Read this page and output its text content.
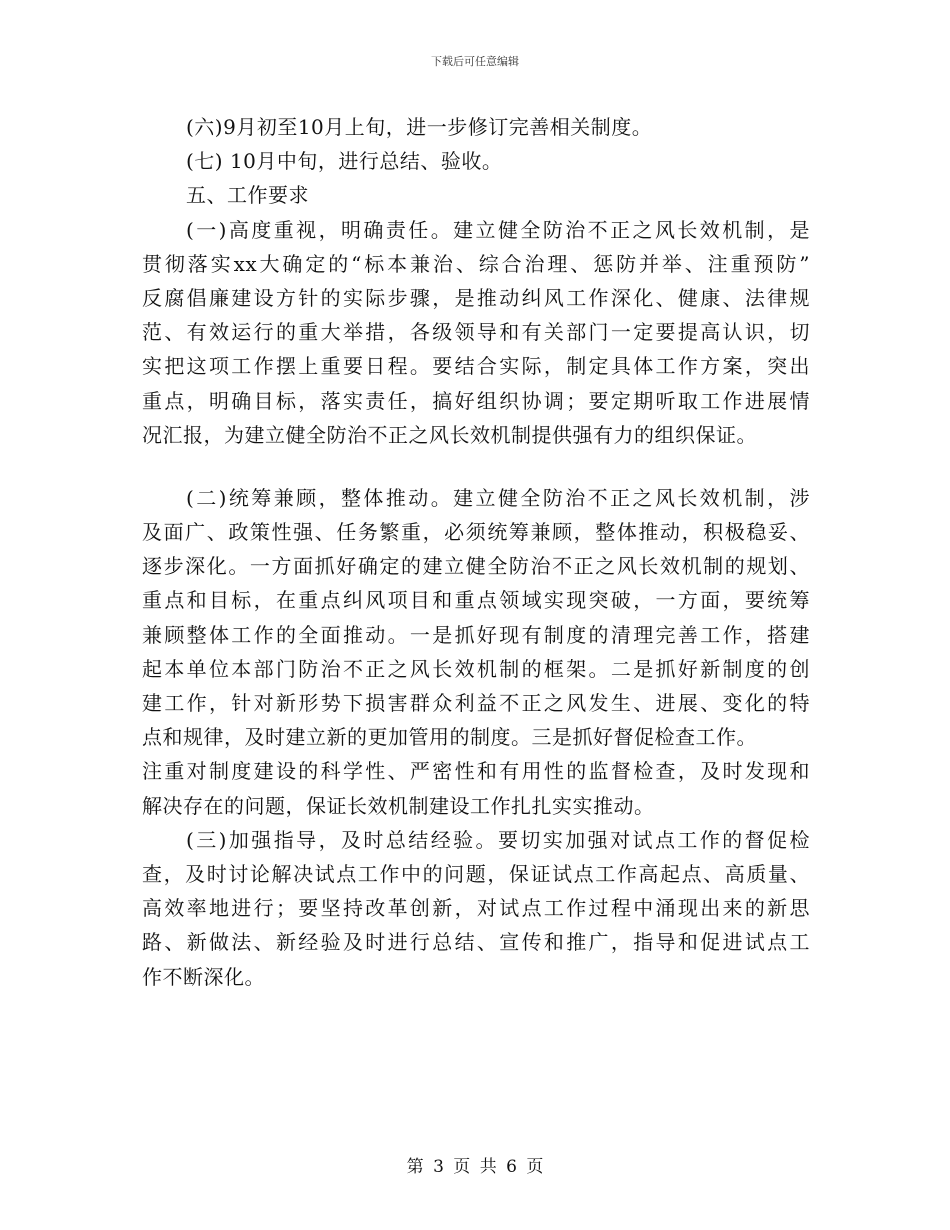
下载后可任意编辑
(六)9月初至10月上旬，进一步修订完善相关制度。
(七) 10月中旬，进行总结、验收。
五、工作要求
(一)高度重视，明确责任。建立健全防治不正之风长效机制，是
贯彻落实xx大确定的“标本兼治、综合治理、惩防并举、注重预防”
反腐倡廉建设方针的实际步骤，是推动纠风工作深化、健康、法律规
范、有效运行的重大举措，各级领导和有关部门一定要提高认识，切
实把这项工作摆上重要日程。要结合实际，制定具体工作方案，突出
重点，明确目标，落实责任，搞好组织协调；要定期听取工作进展情
况汇报，为建立健全防治不正之风长效机制提供强有力的组织保证。
(二)统筹兼顾，整体推动。建立健全防治不正之风长效机制，涉
及面广、政策性强、任务繁重，必须统筹兼顾，整体推动，积极稳妥、
逐步深化。一方面抓好确定的建立健全防治不正之风长效机制的规划、
重点和目标，在重点纠风项目和重点领域实现突破，一方面，要统筹
兼顾整体工作的全面推动。一是抓好现有制度的清理完善工作，搭建
起本单位本部门防治不正之风长效机制的框架。二是抓好新制度的创
建工作，针对新形势下损害群众利益不正之风发生、进展、变化的特
点和规律，及时建立新的更加管用的制度。三是抓好督促检查工作。
注重对制度建设的科学性、严密性和有用性的监督检查，及时发现和
解决存在的问题，保证长效机制建设工作扎扎实实推动。
(三)加强指导，及时总结经验。要切实加强对试点工作的督促检
查，及时讨论解决试点工作中的问题，保证试点工作高起点、高质量、
高效率地进行；要坚持改革创新，对试点工作过程中涌现出来的新思
路、新做法、新经验及时进行总结、宣传和推广，指导和促进试点工
作不断深化。
第 3 页 共 6 页
